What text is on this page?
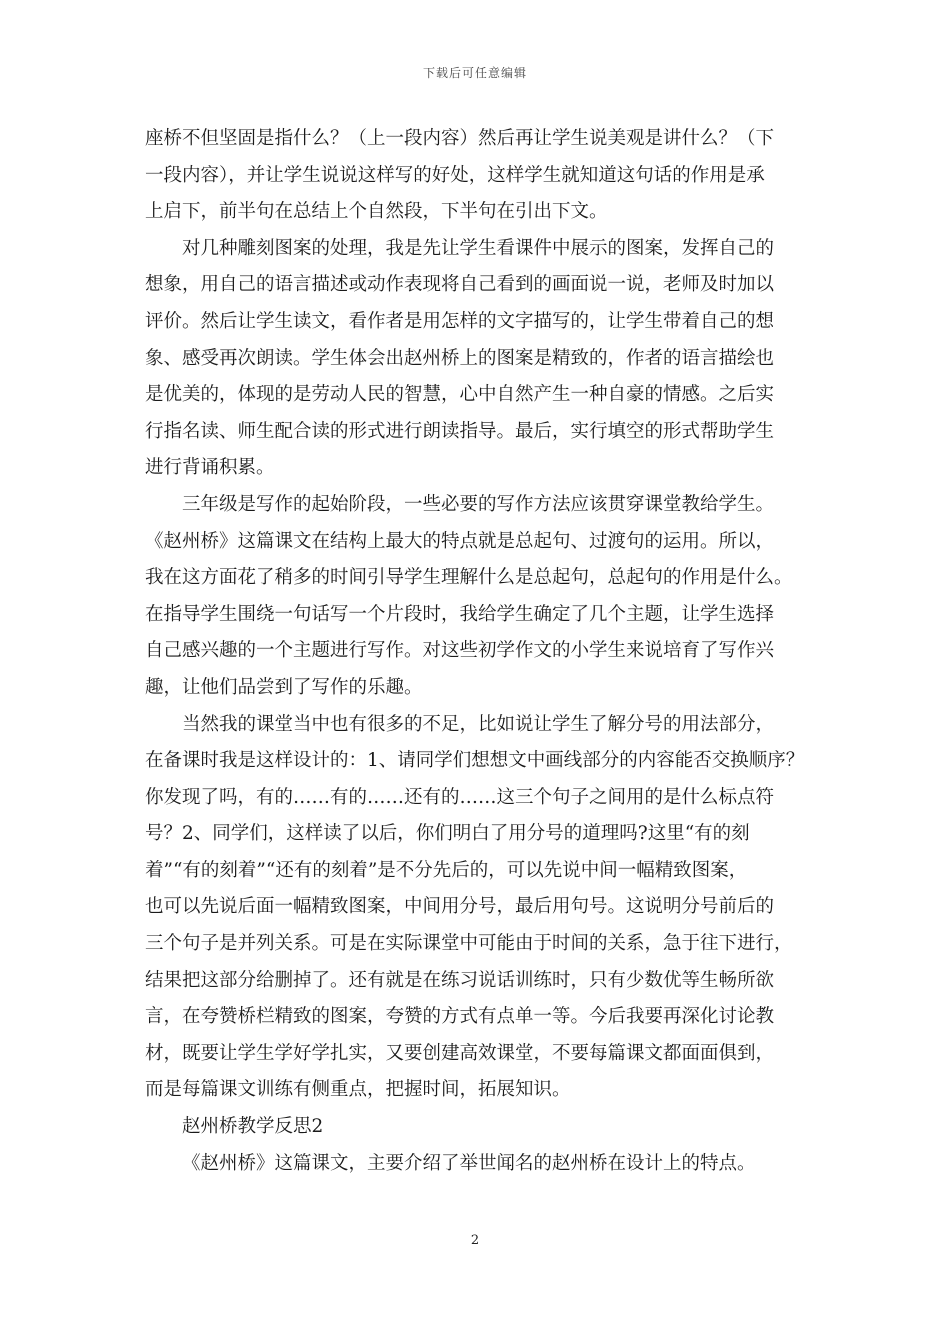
下载后可任意编辑

座桥不但坚固是指什么？（上一段内容）然后再让学生说美观是讲什么？（下
一段内容），并让学生说说这样写的好处，这样学生就知道这句话的作用是承
上启下，前半句在总结上个自然段，下半句在引出下文。

对几种雕刻图案的处理，我是先让学生看课件中展示的图案，发挥自己的
想象，用自己的语言描述或动作表现将自己看到的画面说一说，老师及时加以
评价。然后让学生读文，看作者是用怎样的文字描写的，让学生带着自己的想
象、感受再次朗读。学生体会出赵州桥上的图案是精致的，作者的语言描绘也
是优美的，体现的是劳动人民的智慧，心中自然产生一种自豪的情感。之后实
行指名读、师生配合读的形式进行朗读指导。最后，实行填空的形式帮助学生
进行背诵积累。

三年级是写作的起始阶段，一些必要的写作方法应该贯穿课堂教给学生。
《赵州桥》这篇课文在结构上最大的特点就是总起句、过渡句的运用。所以，
我在这方面花了稍多的时间引导学生理解什么是总起句，总起句的作用是什么。
在指导学生围绕一句话写一个片段时，我给学生确定了几个主题，让学生选择
自己感兴趣的一个主题进行写作。对这些初学作文的小学生来说培育了写作兴
趣，让他们品尝到了写作的乐趣。

当然我的课堂当中也有很多的不足，比如说让学生了解分号的用法部分，
在备课时我是这样设计的：1、请同学们想想文中画线部分的内容能否交换顺序？
你发现了吗，有的……有的……还有的……这三个句子之间用的是什么标点符
号？2、同学们，这样读了以后，你们明白了用分号的道理吗?这里“有的刻
着”“有的刻着”“还有的刻着”是不分先后的，可以先说中间一幅精致图案，
也可以先说后面一幅精致图案，中间用分号，最后用句号。这说明分号前后的
三个句子是并列关系。可是在实际课堂中可能由于时间的关系，急于往下进行，
结果把这部分给删掉了。还有就是在练习说话训练时，只有少数优等生畅所欲
言，在夸赞桥栏精致的图案，夸赞的方式有点单一等。今后我要再深化讨论教
材，既要让学生学好学扎实，又要创建高效课堂，不要每篇课文都面面俱到，
而是每篇课文训练有侧重点，把握时间，拓展知识。

赵州桥教学反思2

《赵州桥》这篇课文，主要介绍了举世闻名的赵州桥在设计上的特点。

2
